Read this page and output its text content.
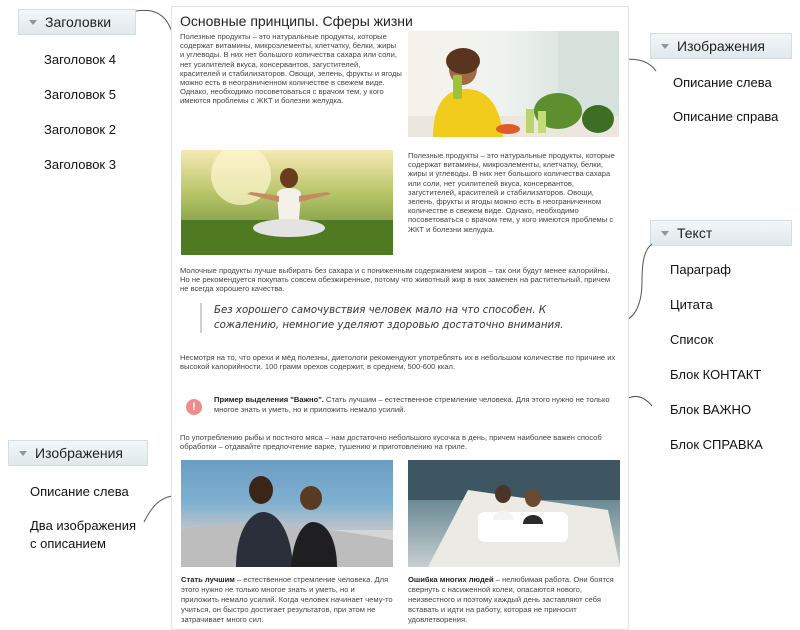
Заголовки
Заголовок 4
Заголовок 5
Заголовок 2
Заголовок 3
Изображения
Описание слева
Описание справа
Текст
Параграф
Цитата
Список
Блок КОНТАКТ
Блок ВАЖНО
Блок СПРАВКА
Изображения
Описание слева
Два изображения с описанием
Основные принципы. Сферы жизни

Полезные продукты – это натуральные продукты, которые содержат витамины, микроэлементы, клетчатку, белки, жиры и углеводы. В них нет большого количества сахара или соли, нет усилителей вкуса, консервантов, загустителей, красителей и стабилизаторов. Овощи, зелень, фрукты и ягоды можно есть в неограниченном количестве в свежем виде. Однако, необходимо посоветоваться с врачом тем, у кого имеются проблемы с ЖКТ и болезни желудка.

Полезные продукты – это натуральные продукты, которые содержат витамины, микроэлементы, клетчатку, белки, жиры и углеводы. В них нет большого количества сахара или соли, нет усилителей вкуса, консервантов, загустителей, красителей и стабилизаторов. Овощи, зелень, фрукты и ягоды можно есть в неограниченном количестве в свежем виде. Однако, необходимо посоветоваться с врачом тем, у кого имеются проблемы с ЖКТ и болезни желудка.

Молочные продукты лучше выбирать без сахара и с пониженным содержанием жиров – так они будут менее калорийны. Но не рекомендуется покупать совсем обезжиренные, потому что животный жир в них заменен на растительный, причем не всегда хорошего качества.

Без хорошего самочувствия человек мало на что способен. К сожалению, немногие уделяют здоровью достаточно внимания.

Несмотря на то, что орехи и мёд полезны, диетологи рекомендуют употреблять их в небольшом количестве по причине их высокой калорийности. 100 грамм орехов содержит, в среднем, 500-600 ккал.

!
Пример выделения "Важно". Стать лучшим – естественное стремление человека. Для этого нужно не только многое знать и уметь, но и приложить немало усилий.

По употреблению рыбы и постного мяса – нам достаточно небольшого кусочка в день, причем наиболее важен способ обработки – отдавайте предпочтение варке, тушению и приготовлению на гриле.

Стать лучшим – естественное стремление человека. Для этого нужно не только многое знать и уметь, но и приложить немало усилий. Когда человек начинает чему-то учиться, он быстро достигает результатов, при этом не затрачивает много сил.

Ошибка многих людей – нелюбимая работа. Они боятся свернуть с насиженной колеи, опасаются нового, неизвестного и поэтому каждый день заставляют себя вставать и идти на работу, которая не приносит удовлетворения.
